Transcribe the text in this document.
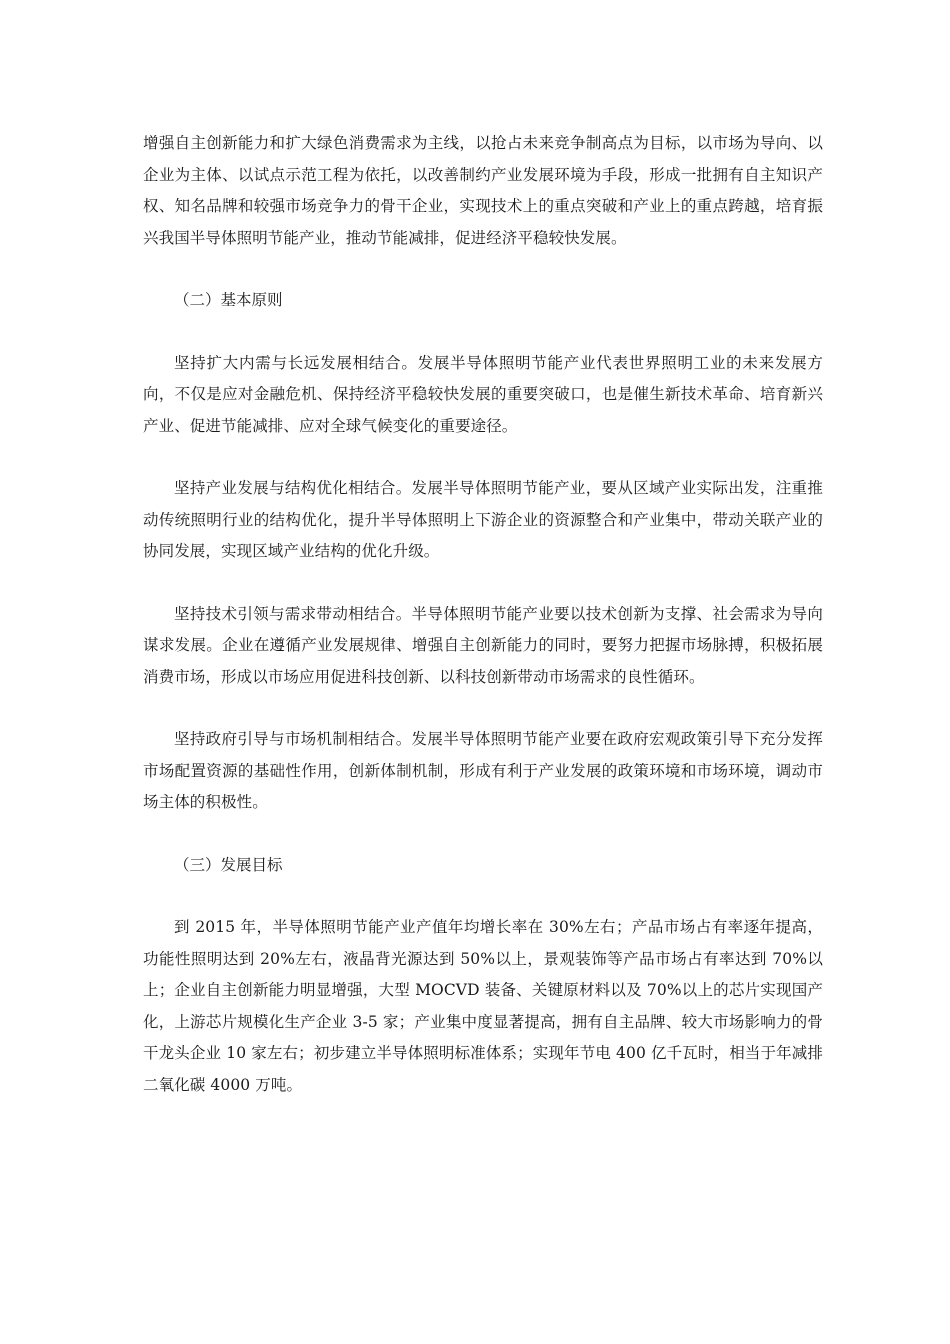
增强自主创新能力和扩大绿色消费需求为主线，以抢占未来竞争制高点为目标，以市场为导向、以企业为主体、以试点示范工程为依托，以改善制约产业发展环境为手段，形成一批拥有自主知识产权、知名品牌和较强市场竞争力的骨干企业，实现技术上的重点突破和产业上的重点跨越，培育振兴我国半导体照明节能产业，推动节能减排，促进经济平稳较快发展。

（二）基本原则

坚持扩大内需与长远发展相结合。发展半导体照明节能产业代表世界照明工业的未来发展方向，不仅是应对金融危机、保持经济平稳较快发展的重要突破口，也是催生新技术革命、培育新兴产业、促进节能减排、应对全球气候变化的重要途径。

坚持产业发展与结构优化相结合。发展半导体照明节能产业，要从区域产业实际出发，注重推动传统照明行业的结构优化，提升半导体照明上下游企业的资源整合和产业集中，带动关联产业的协同发展，实现区域产业结构的优化升级。

坚持技术引领与需求带动相结合。半导体照明节能产业要以技术创新为支撑、社会需求为导向谋求发展。企业在遵循产业发展规律、增强自主创新能力的同时，要努力把握市场脉搏，积极拓展消费市场，形成以市场应用促进科技创新、以科技创新带动市场需求的良性循环。

坚持政府引导与市场机制相结合。发展半导体照明节能产业要在政府宏观政策引导下充分发挥市场配置资源的基础性作用，创新体制机制，形成有利于产业发展的政策环境和市场环境，调动市场主体的积极性。

（三）发展目标

到 2015 年，半导体照明节能产业产值年均增长率在 30%左右；产品市场占有率逐年提高，功能性照明达到 20%左右，液晶背光源达到 50%以上，景观装饰等产品市场占有率达到 70%以上；企业自主创新能力明显增强，大型 MOCVD 装备、关键原材料以及 70%以上的芯片实现国产化，上游芯片规模化生产企业 3-5 家；产业集中度显著提高，拥有自主品牌、较大市场影响力的骨干龙头企业 10 家左右；初步建立半导体照明标准体系；实现年节电 400 亿千瓦时，相当于年减排二氧化碳 4000 万吨。
